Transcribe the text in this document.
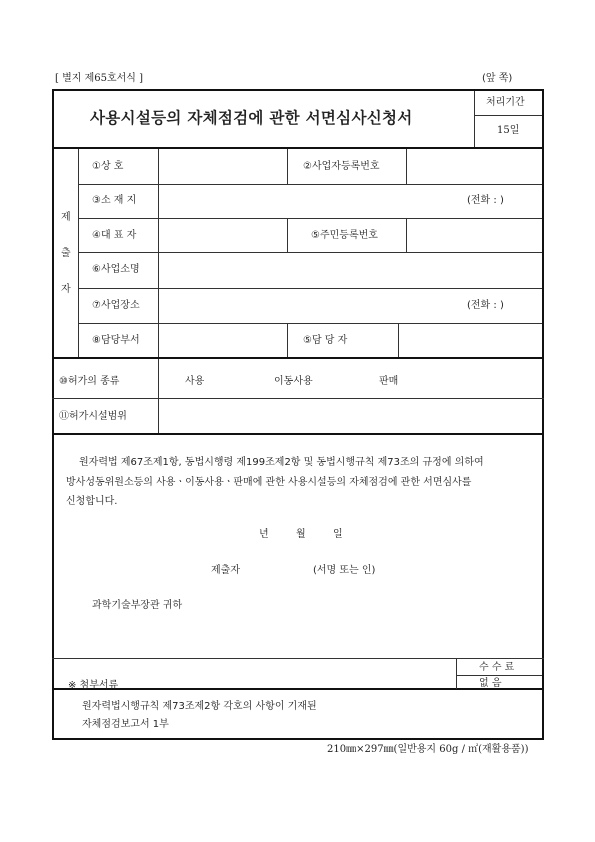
[ 별지 제65호서식 ]	(앞 쪽)
사용시설등의 자체점검에 관한 서면심사신청서
처리기간
15일
제
출
자
①상 호	②사업자등록번호
③소 재 지	(전화 : )
④대 표 자	⑤주민등록번호
⑥사업소명
⑦사업장소	(전화 : )
⑧담당부서	⑤담 당 자
⑩허가의 종류	사용	이동사용	판매
⑪허가시설범위
원자력법 제67조제1항, 동법시행령 제199조제2항 및 동법시행규칙 제73조의 규정에 의하여
방사성동위원소등의 사용ㆍ이동사용ㆍ판매에 관한 사용시설등의 자체점검에 관한 서면심사를
신청합니다.
년	월	일
제출자	(서명 또는 인)
과학기술부장관 귀하
수 수 료
없 음
※ 첨부서류
원자력법시행규칙 제73조제2항 각호의 사항이 기재된
자체점검보고서 1부
210㎜×297㎜(일반용지 60g / ㎡(재활용품))
